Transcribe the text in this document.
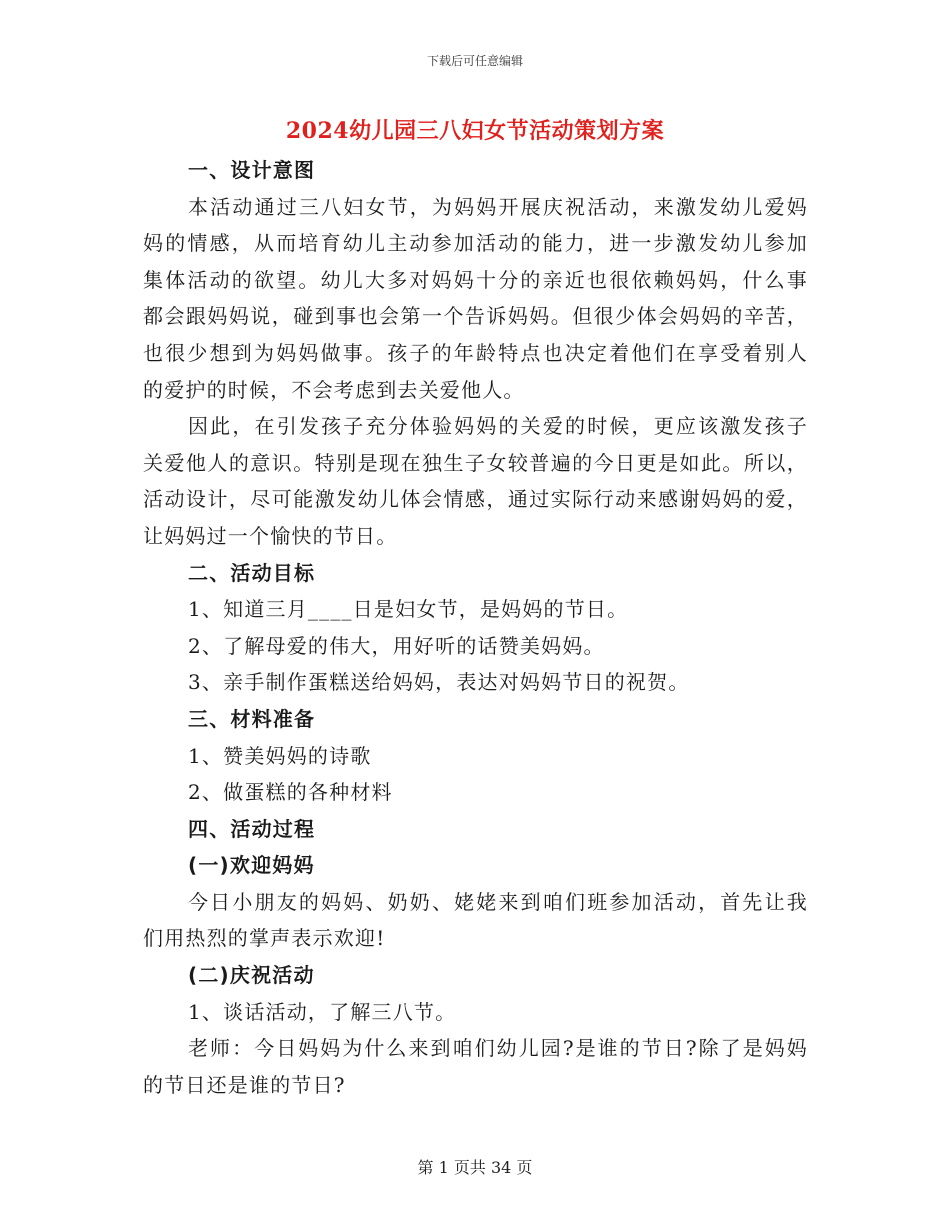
下载后可任意编辑
2024幼儿园三八妇女节活动策划方案
一、设计意图
本活动通过三八妇女节，为妈妈开展庆祝活动，来激发幼儿爱妈
妈的情感，从而培育幼儿主动参加活动的能力，进一步激发幼儿参加
集体活动的欲望。幼儿大多对妈妈十分的亲近也很依赖妈妈，什么事
都会跟妈妈说，碰到事也会第一个告诉妈妈。但很少体会妈妈的辛苦，
也很少想到为妈妈做事。孩子的年龄特点也决定着他们在享受着别人
的爱护的时候，不会考虑到去关爱他人。
因此，在引发孩子充分体验妈妈的关爱的时候，更应该激发孩子
关爱他人的意识。特别是现在独生子女较普遍的今日更是如此。所以，
活动设计，尽可能激发幼儿体会情感，通过实际行动来感谢妈妈的爱，
让妈妈过一个愉快的节日。
二、活动目标
1、知道三月____日是妇女节，是妈妈的节日。
2、了解母爱的伟大，用好听的话赞美妈妈。
3、亲手制作蛋糕送给妈妈，表达对妈妈节日的祝贺。
三、材料准备
1、赞美妈妈的诗歌
2、做蛋糕的各种材料
四、活动过程
(一)欢迎妈妈
今日小朋友的妈妈、奶奶、姥姥来到咱们班参加活动，首先让我
们用热烈的掌声表示欢迎!
(二)庆祝活动
1、谈话活动，了解三八节。
老师：今日妈妈为什么来到咱们幼儿园?是谁的节日?除了是妈妈
的节日还是谁的节日?
第 1 页共 34 页
